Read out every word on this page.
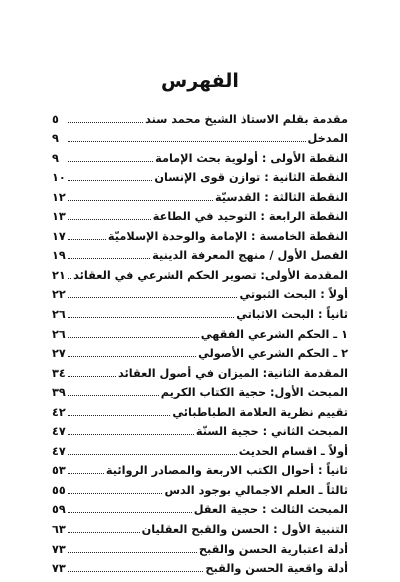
الفهرس
مقدمة بقلم الاستاذ الشيخ محمد سند
٥
المدخل
٩
النقطة الأولى : أولوية بحث الإمامة
٩
النقطة الثانية : توازن قوى الإنسان
١٠
النقطة الثالثة : القدسيّة
١٢
النقطة الرابعة : التوحيد في الطاعة
١٣
النقطة الخامسة : الإمامة والوحدة الإسلاميّة
١٧
الفصل الأول / منهج المعرفة الدينية
١٩
المقدمة الأولى: تصوير الحكم الشرعي في العقائد
٢١
أولاً : البحث الثبوتي
٢٢
ثانياً : البحث الاثباتي
٢٦
١ ـ الحكم الشرعي الفقهي
٢٦
٢ ـ الحكم الشرعي الأصولي
٢٧
المقدمة الثانية: الميزان في أصول العقائد
٣٤
المبحث الأول: حجية الكتاب الكريم
٣٩
تقييم نظرية العلامة الطباطبائي
٤٢
المبحث الثاني : حجية السنّة
٤٧
أولاً ـ اقسام الحديث
٤٧
ثانياً : أحوال الكتب الاربعة والمصادر الروائية
٥٣
ثالثاً ـ العلم الاجمالي بوجود الدس
٥٥
المبحث الثالث : حجية العقل
٥٩
التنبية الأول : الحسن والقبح العقليان
٦٣
أدلة اعتبارية الحسن والقبح
٧٣
أدلة واقعية الحسن والقبح
٧٣
